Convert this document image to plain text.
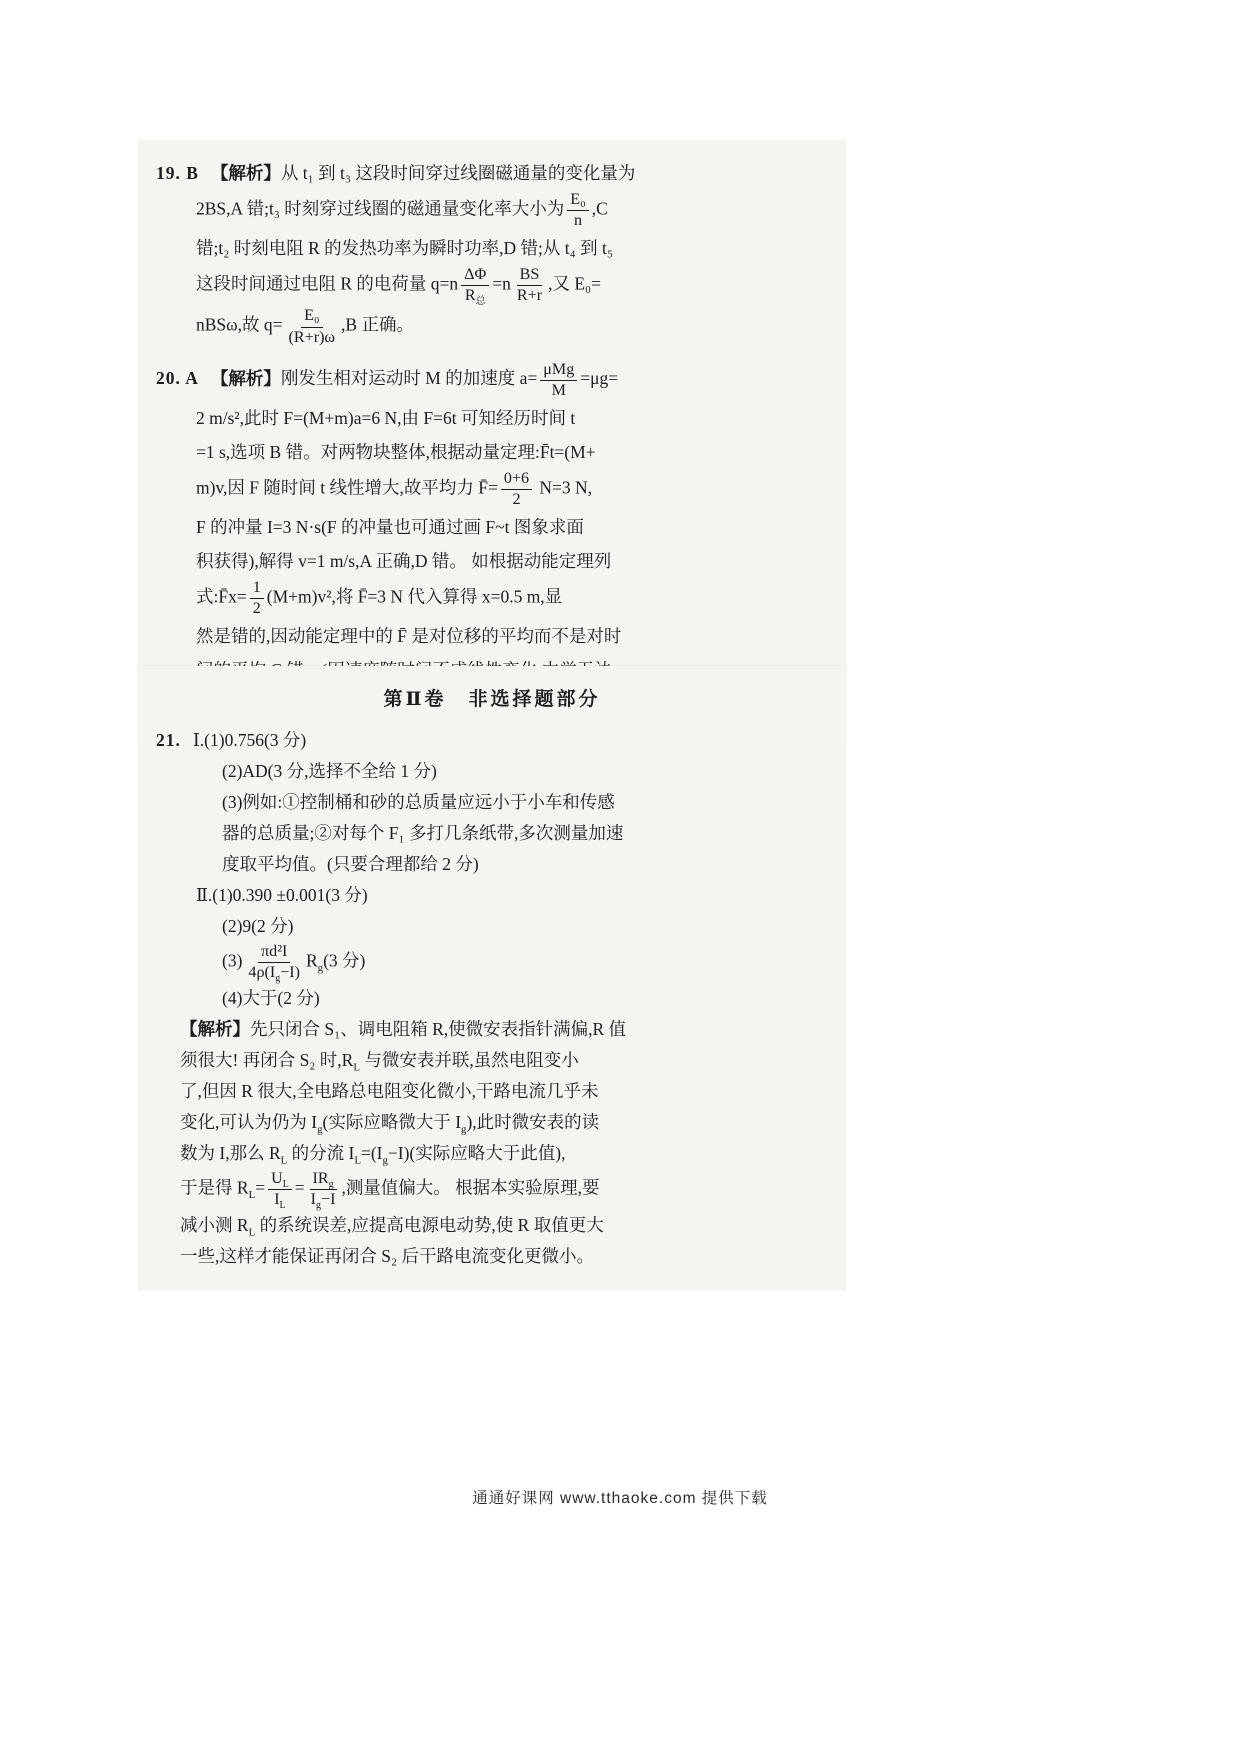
19. B 【解析】从 t₁ 到 t₃ 这段时间穿过线圈磁通量的变化量为
2BS,A 错;t₃ 时刻穿过线圈的磁通量变化率大小为 $\frac{\text{E₀}}{n} ,C$
错;t₂ 时刻电阻 R 的发热功率为瞬时功率,D 错;从 t₄ 到 t₅
这段时间通过电阻 R 的电荷量 $q=n \frac{\Delta\Phi}{R_总} =n \frac{BS}{R+r}$ ,又 E₀=
nBSω,故 $q= \frac{\text{E₀}}{(R+r)\omega} ,B$ 正确。
20. A 【解析】刚发生相对运动时 M 的加速度 $a= \frac{\text{μMg}}{M} =\mu g=$
2 m/s²,此时 F=(M+m)a=6 N,由 F=6t 可知经历时间 t
=1 s,选项 B 错。对两物块整体,根据动量定理:F̄t=(M+
m)v,因 F 随时间 t 线性增大,故平均力 F̄= $\frac{0+6}{2} N=3$ N,
F 的冲量 I=3 N·s(F 的冲量也可通过画 F~t 图象求面
积获得),解得 v=1 m/s,A 正确,D 错。 如根据动能定理列
式:F̄x= $\frac{1}{2} (M+m)v^2$,将 F̄=3 N 代入算得 x=0.5 m,显
然是错的,因动能定理中的 F̄ 是对位移的平均而不是对时
第Ⅱ卷　非选择题部分
21. Ⅰ.(1)0.756(3 分)
(2)AD(3 分,选择不全给 1 分)
(3)例如:①控制桶和砂的总质量应远小于小车和传感
器的总质量;②对每个 F₁ 多打几条纸带,多次测量加速
度取平均值。(只要合理都给 2 分)
Ⅱ.(1)0.390 ±0.001(3 分)
(2)9(2 分)
$(3) \frac{\text{πd²I}}{4\rho(I_g-I)} R_g(3$ 分)
(4)大于(2 分)
【解析】先只闭合 S₁、调电阻箱 R,使微安表指针满偏,R 值
须很大! 再闭合 S₂ 时$,R_L$ 与微安表并联,虽然电阻变小
了,但因 R 很大,全电路总电阻变化微小,干路电流几乎未
变化,可认为仍为 $I_g$(实际应略微大于 $I_g$),此时微安表的读
数为 I,那么 $R_L$ 的分流 $I_L=(I_g-I)$(实际应略大于此值),
于是得 $R_L= \frac{U_L}{I_L} = \frac{IR_g}{I_g-I}$ ,测量值偏大。 根据本实验原理,要
减小测 $R_L$ 的系统误差,应提高电源电动势,使 R 取值更大
一些,这样才能保证再闭合 S₂ 后干路电流变化更微小。
通通好课网 www.tthaoke.com 提供下载
